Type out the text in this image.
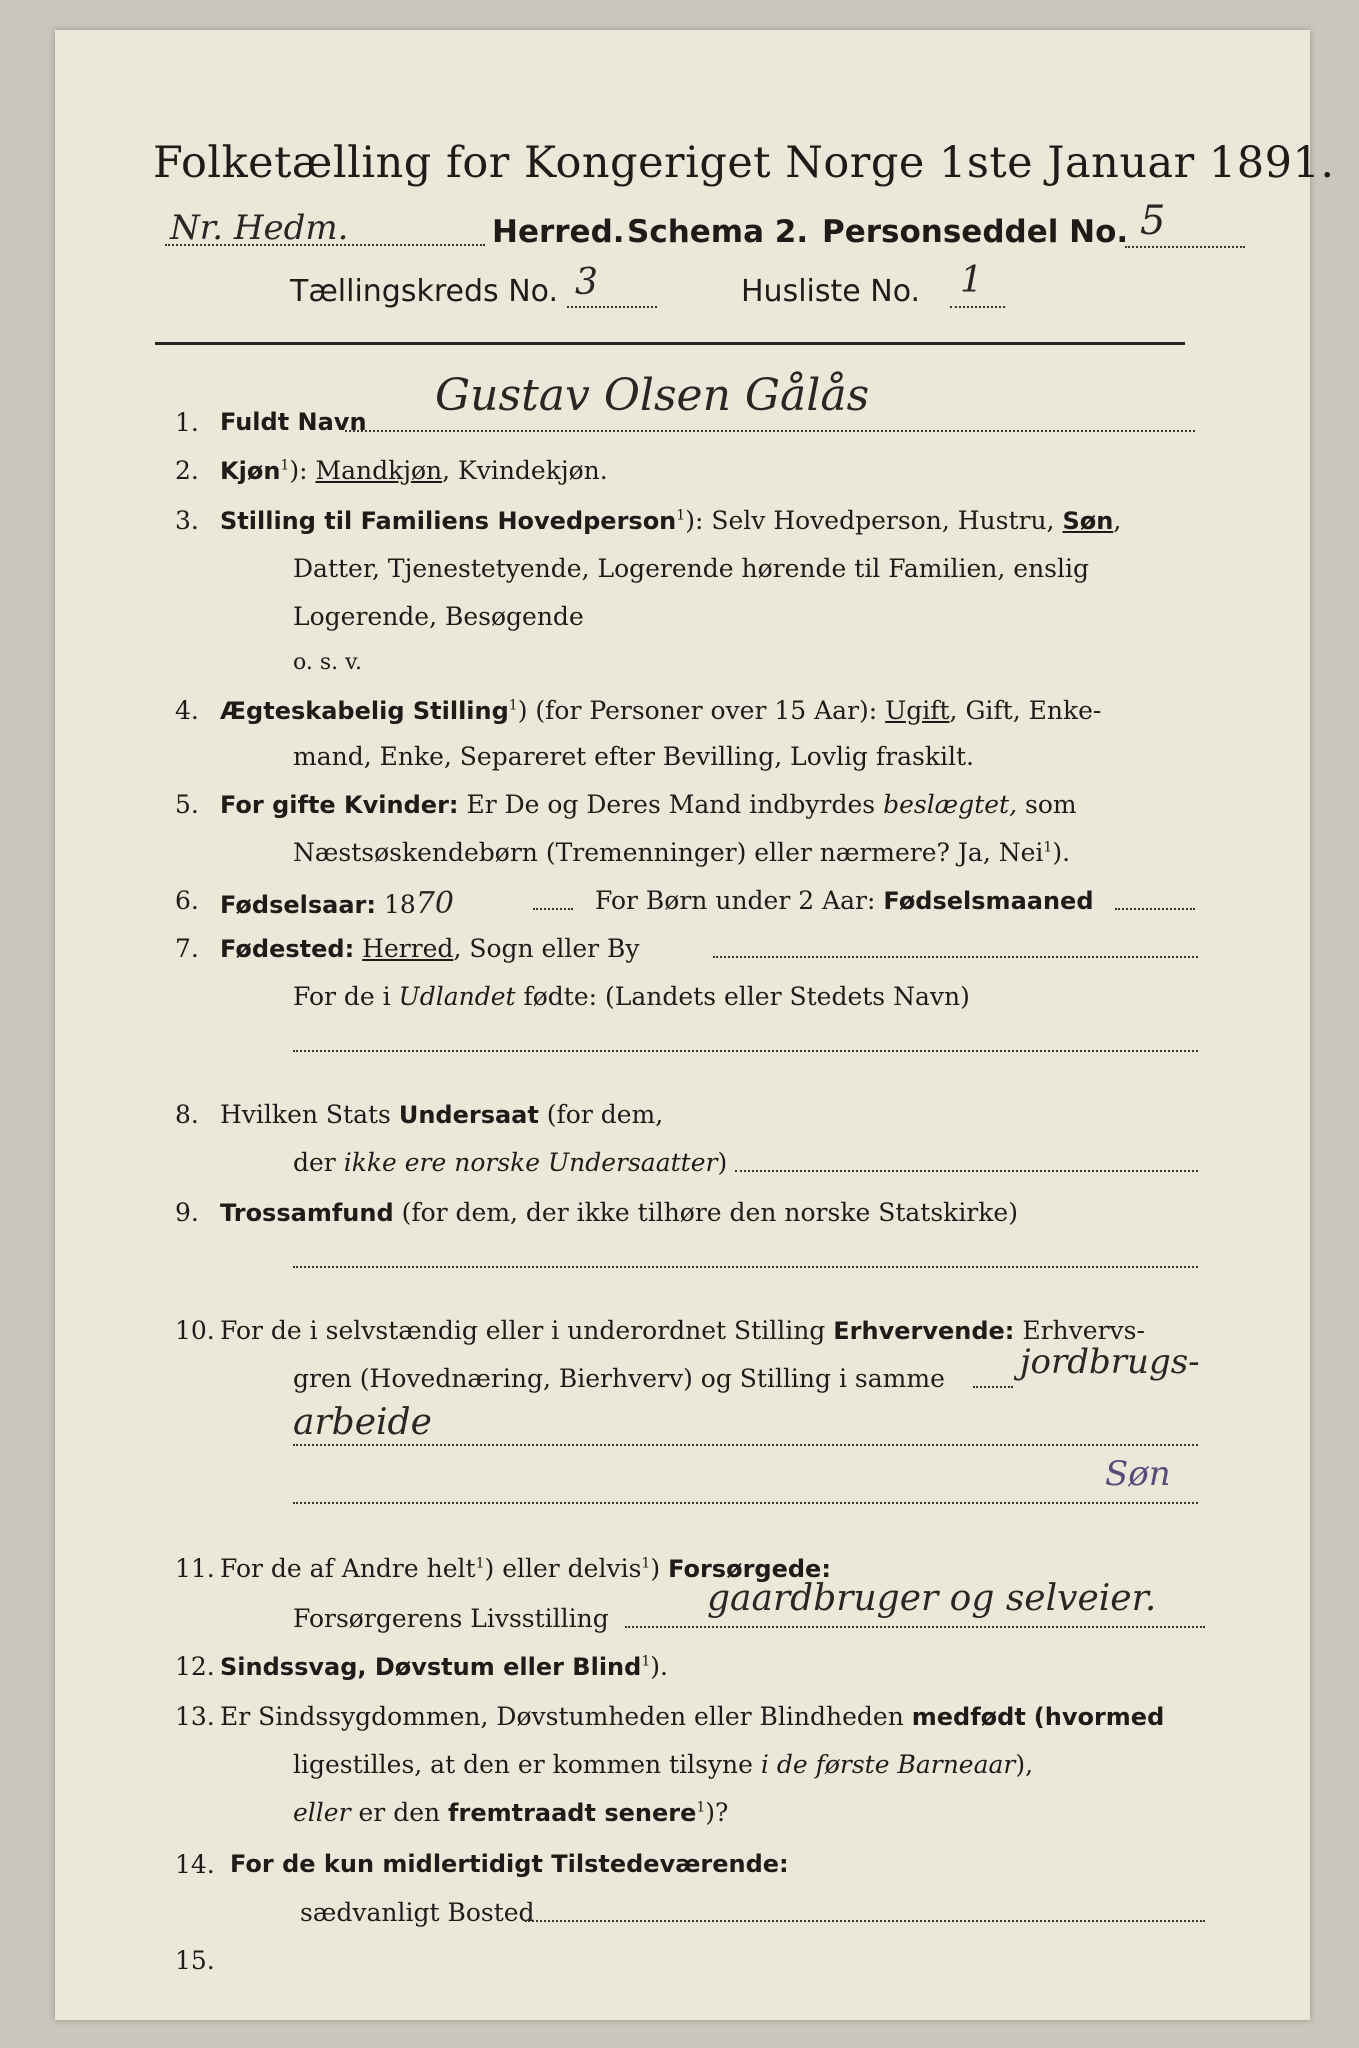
Folketælling for Kongeriget Norge 1ste Januar 1891.
Nr. Hedm.	Herred. Schema 2. Personseddel No. 5
Tællingskreds No. 3	Husliste No. 1
1. Fuldt Navn
Gustav Olsen Gålås
2. Kjøn$^1$): Mandkjøn, Kvindekjøn.
3. Stilling til Familiens Hovedperson$^1$): Selv Hovedperson, Hustru, Søn,
Datter, Tjenestetyende, Logerende hørende til Familien, enslig
Logerende, Besøgende
o. s. v.
4. Ægteskabelig Stilling$^1$) (for Personer over 15 Aar): Ugift, Gift, Enke-
mand, Enke, Separeret efter Bevilling, Lovlig fraskilt.
5. For gifte Kvinder: Er De og Deres Mand indbyrdes beslægtet, som
Næstsøskendebørn (Tremenninger) eller nærmere? Ja, Nei$^1$).
6. Fødselsaar: 1870	For Børn under 2 Aar: Fødselsmaaned
7. Fødested: Herred, Sogn eller By
For de i Udlandet fødte: (Landets eller Stedets Navn)
8. Hvilken Stats Undersaat (for dem,
der ikke ere norske Undersaatter)
9. Trossamfund (for dem, der ikke tilhøre den norske Statskirke)
10. For de i selvstændig eller i underordnet Stilling Erhvervende: Erhvervs-
gren (Hovednæring, Bierhverv) og Stilling i samme jordbrugs-
arbeide
Søn
11. For de af Andre helt$^1$) eller delvis$^1$) Forsørgede:
Forsørgerens Livsstilling	gaardbruger og selveier.
12. Sindssvag, Døvstum eller Blind$^1$).
13. Er Sindssygdommen, Døvstumheden eller Blindheden medfødt (hvormed
ligestilles, at den er kommen tilsyne i de første Barneaar),
eller er den fremtraadt senere$^1$)?
14. For de kun midlertidigt Tilstedeværende:
sædvanligt Bosted
15.
